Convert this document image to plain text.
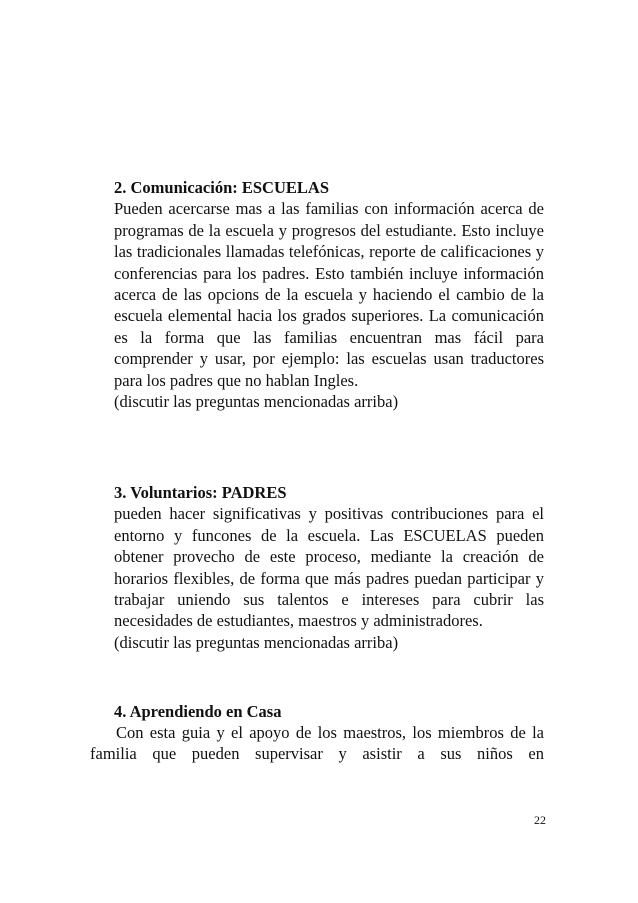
2. Comunicación: ESCUELAS
Pueden acercarse mas a las familias con información acerca de programas de la escuela y progresos del estudiante. Esto incluye las tradicionales llamadas telefónicas, reporte de calificaciones y conferencias para los padres. Esto también incluye información acerca de las opcions de la escuela y haciendo el cambio de la escuela elemental hacia los grados superiores. La comunicación es la forma que las familias encuentran mas fácil para comprender y usar, por ejemplo: las escuelas usan traductores para los padres que no hablan Ingles.
(discutir las preguntas mencionadas arriba)
3. Voluntarios: PADRES
pueden hacer significativas y positivas contribuciones para el entorno y funcones de la escuela. Las ESCUELAS pueden obtener provecho de este proceso, mediante la creación de horarios flexibles, de forma que más padres puedan participar y trabajar uniendo sus talentos e intereses para cubrir las necesidades de estudiantes, maestros y administradores.
(discutir las preguntas mencionadas arriba)
4. Aprendiendo en Casa
Con esta guia y el apoyo de los maestros, los miembros de la familia que pueden supervisar y asistir a sus niños en
22
